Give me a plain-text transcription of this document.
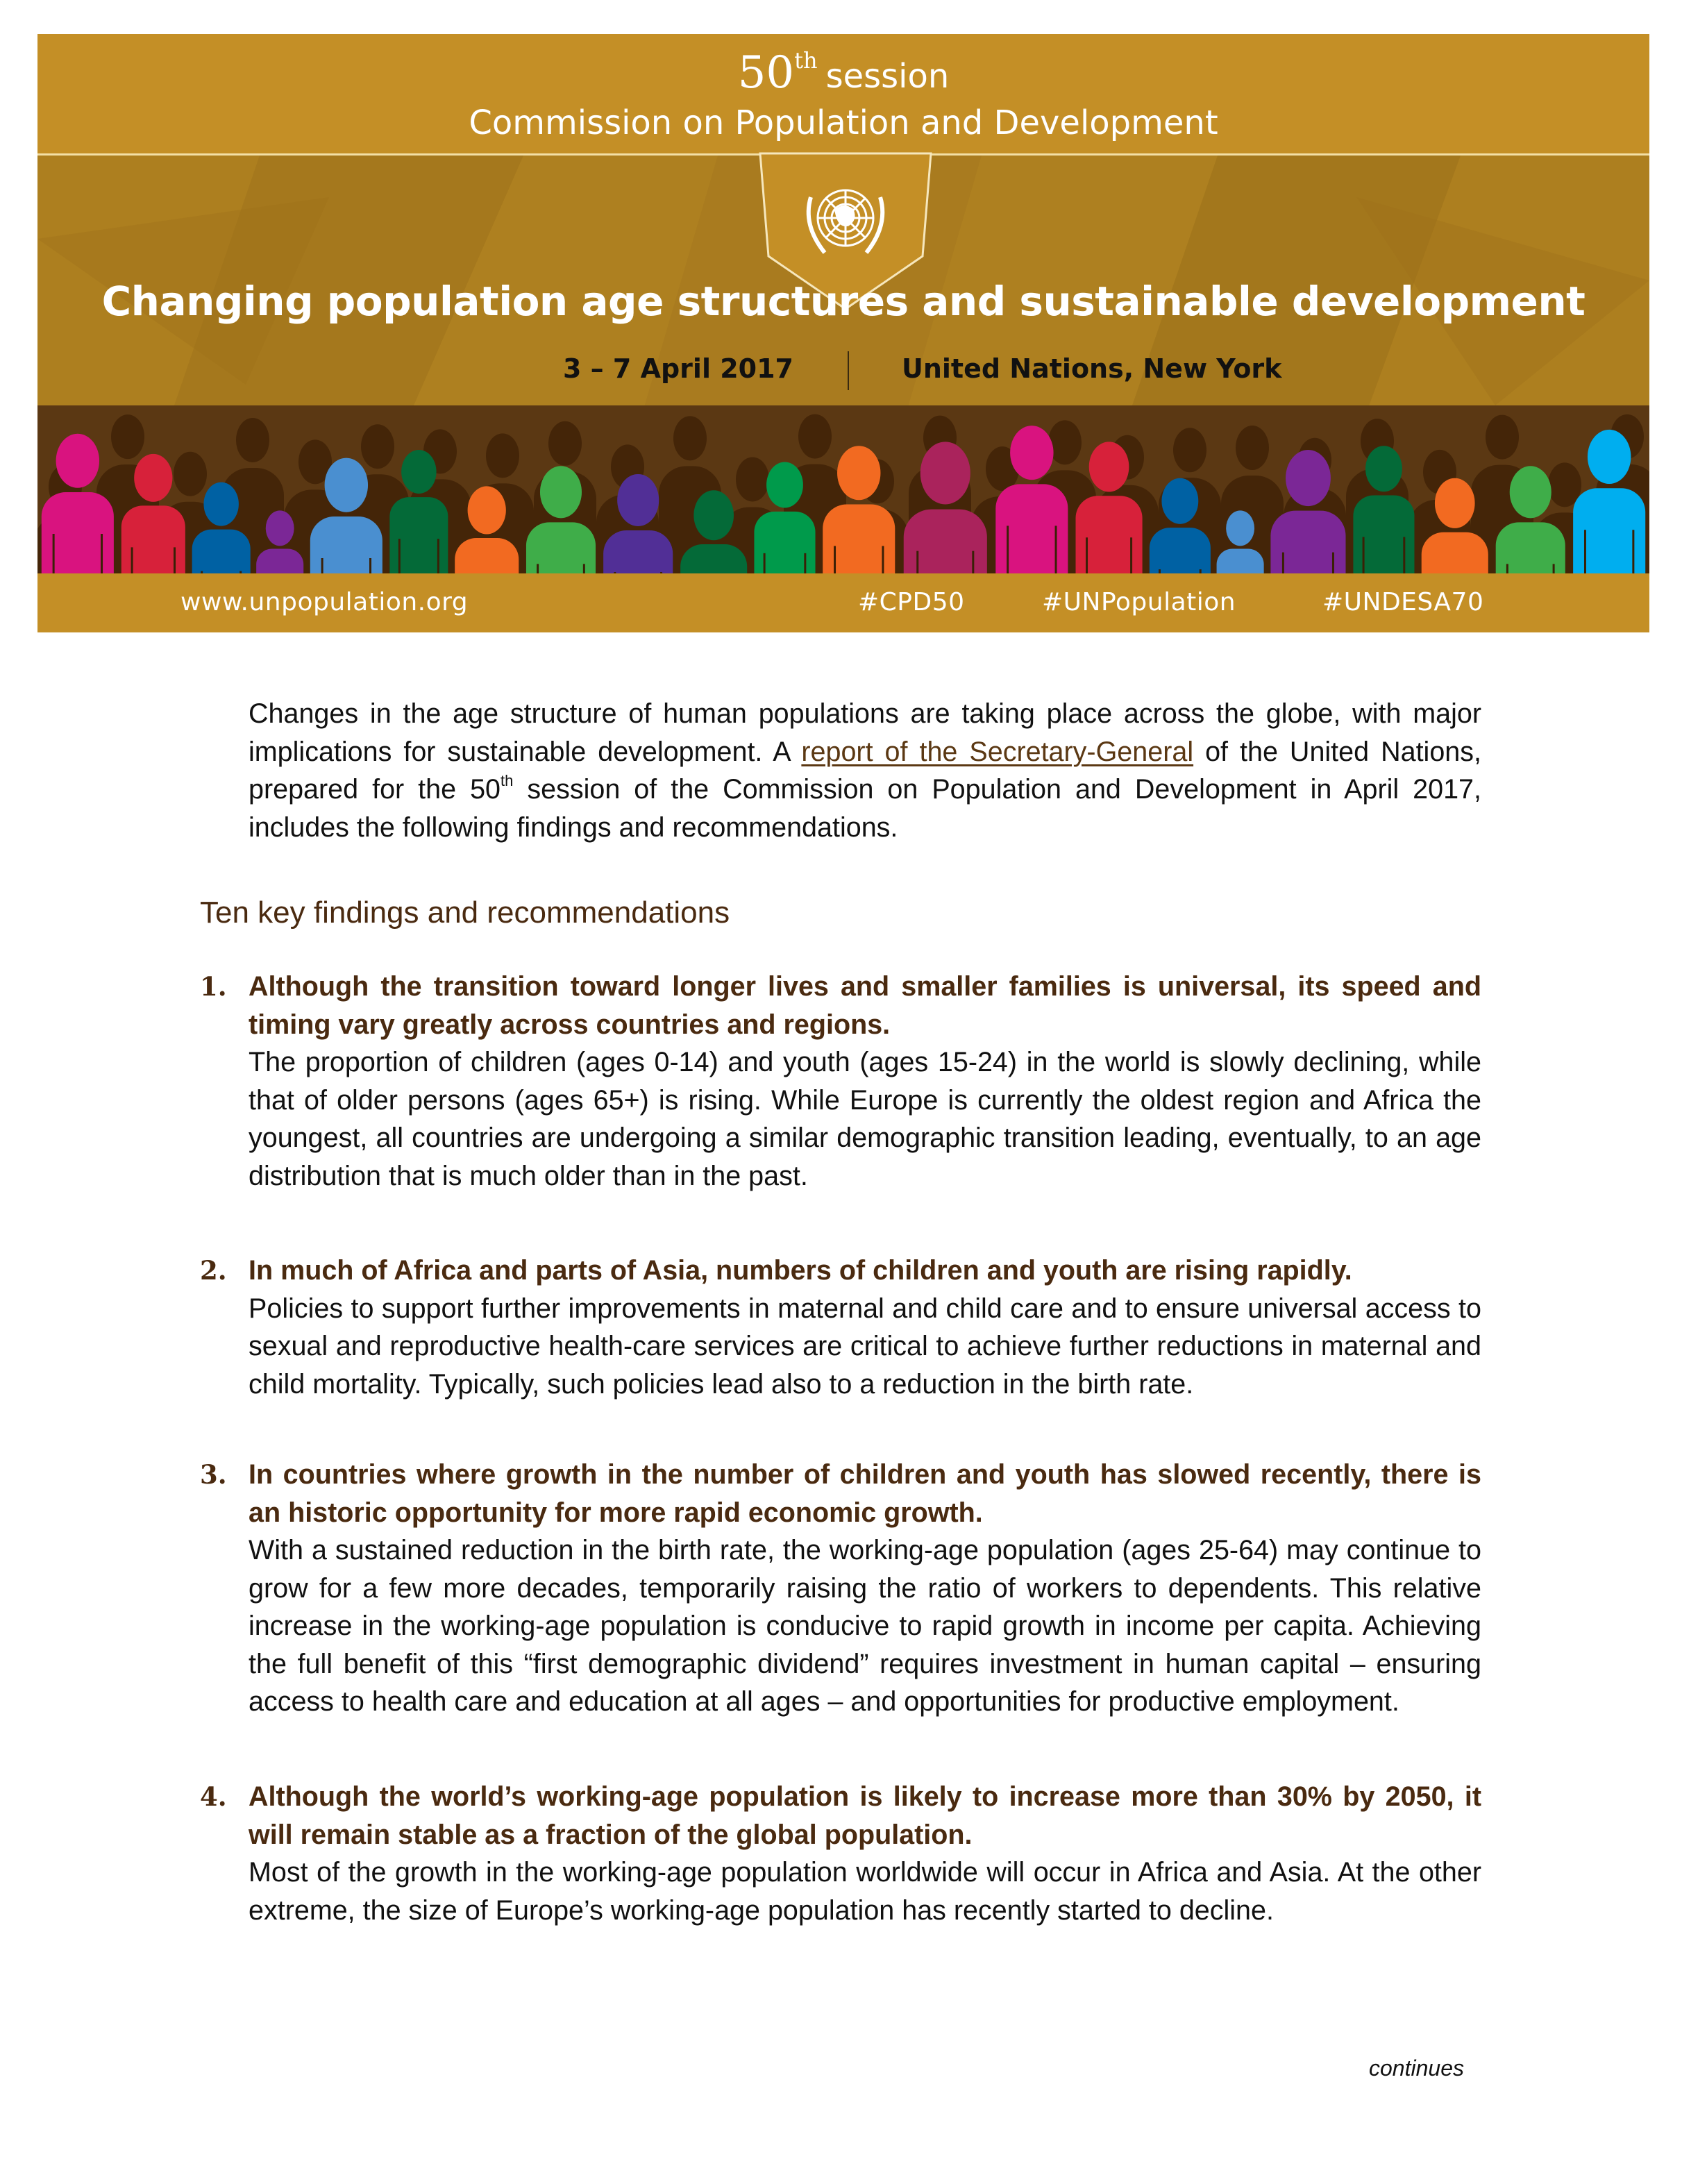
50th session
Commission on Population and Development
Changing population age structures and sustainable development
3 – 7 April 2017	United Nations, New York
www.unpopulation.org	#CPD50	#UNPopulation	#UNDESA70
Changes in the age structure of human populations are taking place across the globe, with major implications for sustainable development. A report of the Secretary-General of the United Nations, prepared for the 50th session of the Commission on Population and Development in April 2017, includes the following findings and recommendations.
Ten key findings and recommendations
1. Although the transition toward longer lives and smaller families is universal, its speed and timing vary greatly across countries and regions.
The proportion of children (ages 0-14) and youth (ages 15-24) in the world is slowly declining, while that of older persons (ages 65+) is rising. While Europe is currently the oldest region and Africa the youngest, all countries are undergoing a similar demographic transition leading, eventually, to an age distribution that is much older than in the past.
2. In much of Africa and parts of Asia, numbers of children and youth are rising rapidly.
Policies to support further improvements in maternal and child care and to ensure universal access to sexual and reproductive health-care services are critical to achieve further reductions in maternal and child mortality. Typically, such policies lead also to a reduction in the birth rate.
3. In countries where growth in the number of children and youth has slowed recently, there is an historic opportunity for more rapid economic growth.
With a sustained reduction in the birth rate, the working-age population (ages 25-64) may continue to grow for a few more decades, temporarily raising the ratio of workers to dependents. This relative increase in the working-age population is conducive to rapid growth in income per capita. Achieving the full benefit of this “first demographic dividend” requires investment in human capital – ensuring access to health care and education at all ages – and opportunities for productive employment.
4. Although the world’s working-age population is likely to increase more than 30% by 2050, it will remain stable as a fraction of the global population.
Most of the growth in the working-age population worldwide will occur in Africa and Asia. At the other extreme, the size of Europe’s working-age population has recently started to decline.
continues
